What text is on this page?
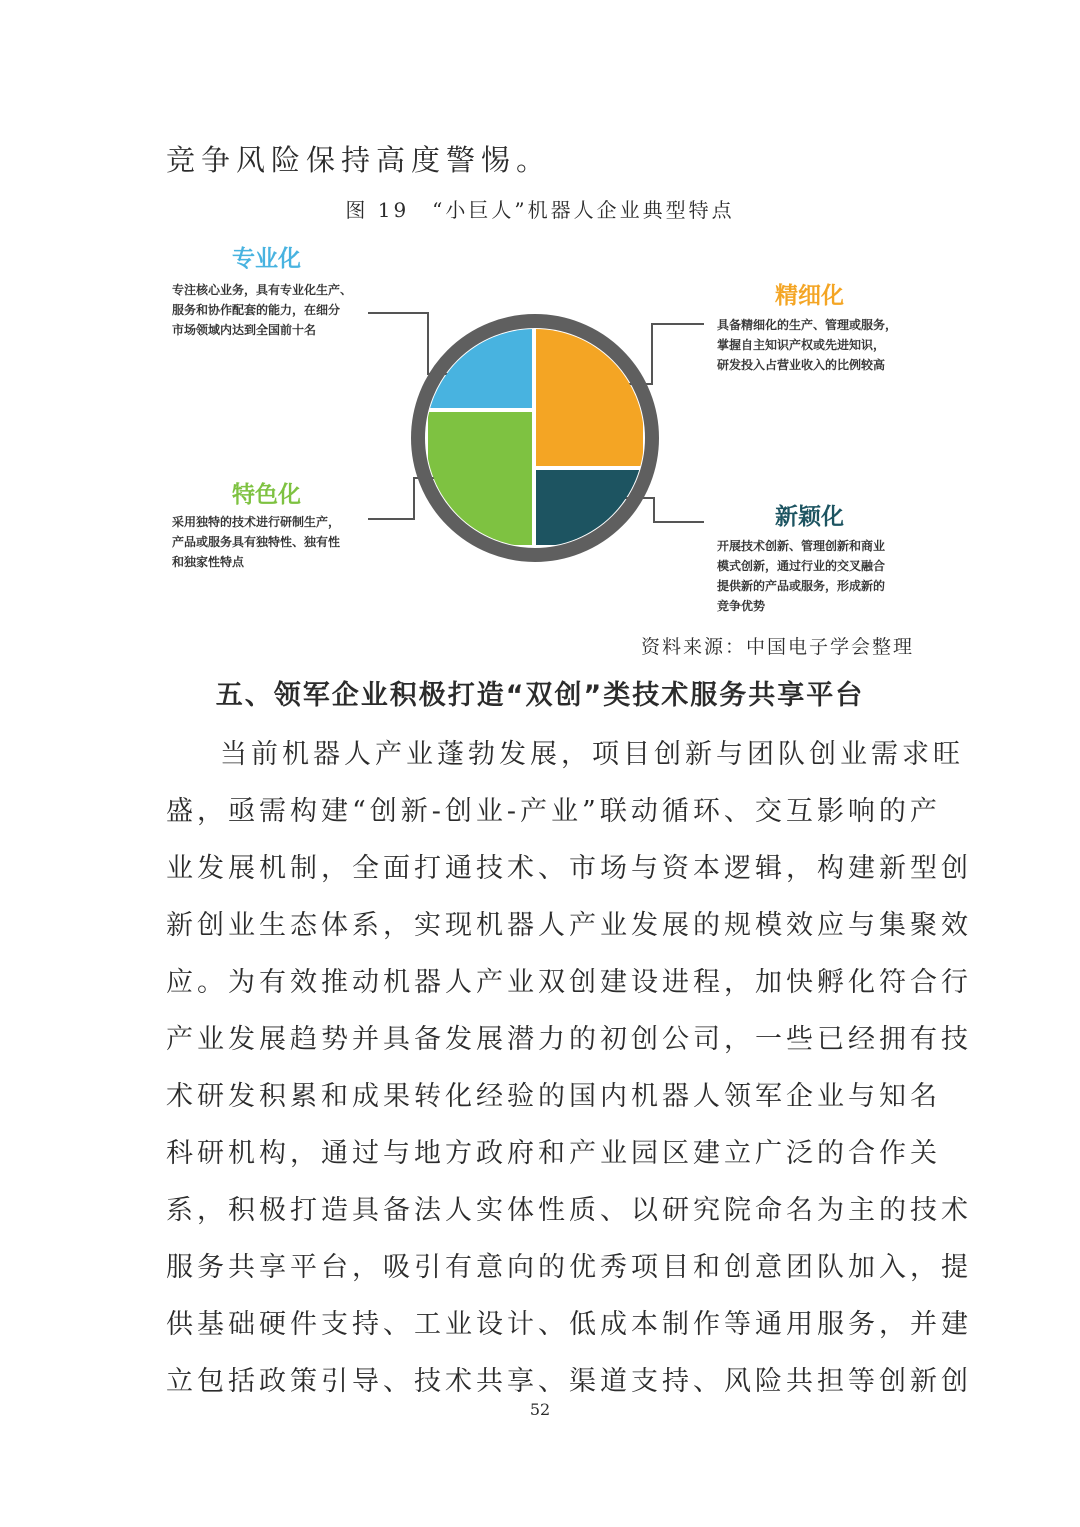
竞争风险保持高度警惕。
图 19　“小巨人”机器人企业典型特点
专业化
专注核心业务，具有专业化生产、
服务和协作配套的能力，在细分
市场领域内达到全国前十名
精细化
具备精细化的生产、管理或服务，
掌握自主知识产权或先进知识，
研发投入占营业收入的比例较高
特色化
采用独特的技术进行研制生产，
产品或服务具有独特性、独有性
和独家性特点
新颖化
开展技术创新、管理创新和商业
模式创新，通过行业的交叉融合
提供新的产品或服务，形成新的
竞争优势
资料来源：中国电子学会整理
五、领军企业积极打造“双创”类技术服务共享平台
当前机器人产业蓬勃发展，项目创新与团队创业需求旺
盛，亟需构建“创新-创业-产业”联动循环、交互影响的产
业发展机制，全面打通技术、市场与资本逻辑，构建新型创
新创业生态体系，实现机器人产业发展的规模效应与集聚效
应。为有效推动机器人产业双创建设进程，加快孵化符合行
产业发展趋势并具备发展潜力的初创公司，一些已经拥有技
术研发积累和成果转化经验的国内机器人领军企业与知名
科研机构，通过与地方政府和产业园区建立广泛的合作关
系，积极打造具备法人实体性质、以研究院命名为主的技术
服务共享平台，吸引有意向的优秀项目和创意团队加入，提
供基础硬件支持、工业设计、低成本制作等通用服务，并建
立包括政策引导、技术共享、渠道支持、风险共担等创新创
52
